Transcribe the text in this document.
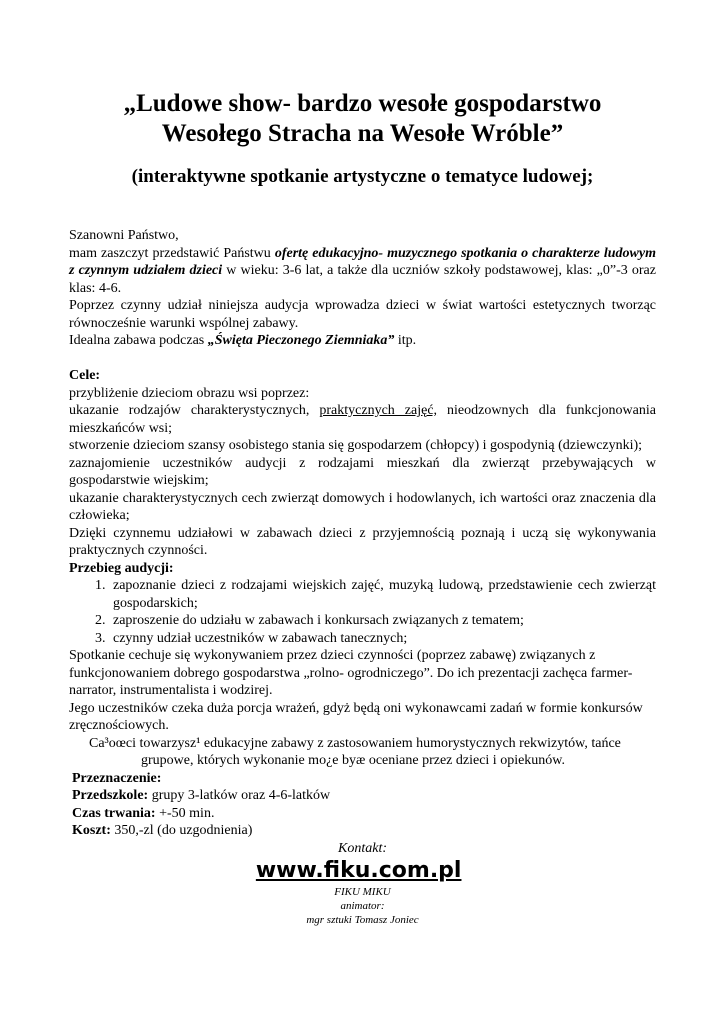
„Ludowe show- bardzo wesołe gospodarstwo
Wesołego Stracha na Wesołe Wróble”
(interaktywne spotkanie artystyczne o tematyce ludowej;

Szanowni Państwo,

mam zaszczyt przedstawić Państwu ofertę edukacyjno- muzycznego spotkania o charakterze ludowym z czynnym udziałem dzieci w wieku: 3-6 lat, a także dla uczniów szkoły podstawowej, klas: „0”-3 oraz klas: 4-6.

Poprzez czynny udział niniejsza audycja wprowadza dzieci w świat wartości estetycznych tworząc równocześnie warunki wspólnej zabawy.

Idealna zabawa podczas „Święta Pieczonego Ziemniaka” itp.

Cele:

przybliżenie dzieciom obrazu wsi poprzez:

ukazanie rodzajów charakterystycznych, praktycznych zajęć, nieodzownych dla funkcjonowania mieszkańców wsi;

stworzenie dzieciom szansy osobistego stania się gospodarzem (chłopcy) i gospodynią (dziewczynki);

zaznajomienie uczestników audycji z rodzajami mieszkań dla zwierząt przebywających w gospodarstwie wiejskim;

ukazanie charakterystycznych cech zwierząt domowych i hodowlanych, ich wartości oraz znaczenia dla człowieka;

Dzięki czynnemu udziałowi w zabawach dzieci z przyjemnością poznają i uczą się wykonywania praktycznych czynności.

Przebieg audycji:

1. zapoznanie dzieci z rodzajami wiejskich zajęć, muzyką ludową, przedstawienie cech zwierząt gospodarskich;
2. zaproszenie do udziału w zabawach i konkursach związanych z tematem;
3. czynny udział uczestników w zabawach tanecznych;

Spotkanie cechuje się wykonywaniem przez dzieci czynności (poprzez zabawę) związanych z funkcjonowaniem dobrego gospodarstwa „rolno- ogrodniczego”. Do ich prezentacji zachęca farmer-narrator, instrumentalista i wodzirej.

Jego uczestników czeka duża porcja wrażeń, gdyż będą oni wykonawcami zadań w formie konkursów zręcznościowych.

Ca³oœci towarzysz¹ edukacyjne zabawy z zastosowaniem humorystycznych rekwizytów, tańce

grupowe, których wykonanie mo¿e byæ oceniane przez dzieci i opiekunów.

Przeznaczenie:

Przedszkole: grupy 3-latków oraz 4-6-latków

Czas trwania: +-50 min.

Koszt: 350,-zl (do uzgodnienia)

Kontakt:

www.fiku.com.pl

FIKU MIKU

animator:

mgr sztuki Tomasz Joniec
